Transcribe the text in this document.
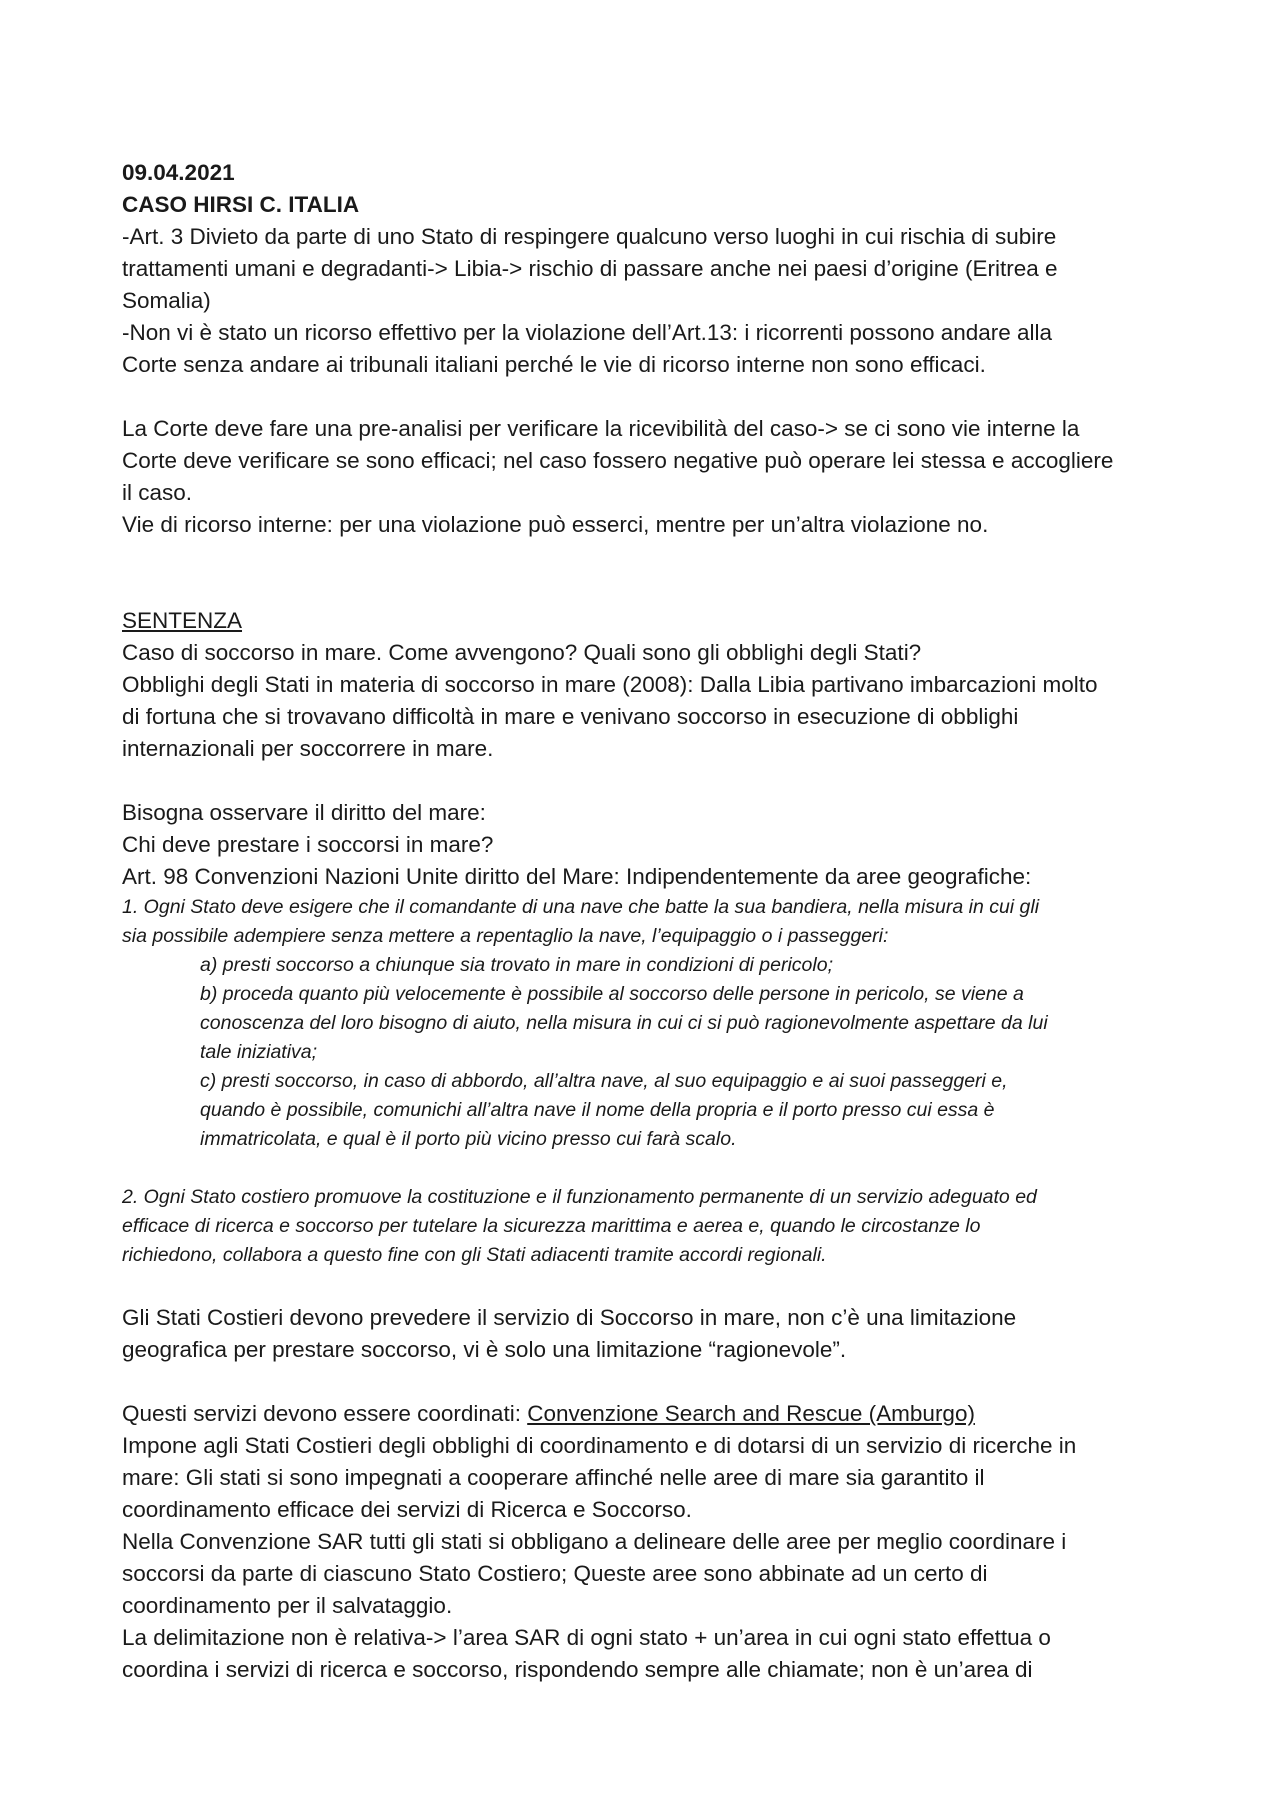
09.04.2021

CASO HIRSI C. ITALIA

-Art. 3 Divieto da parte di uno Stato di respingere qualcuno verso luoghi in cui rischia di subire

trattamenti umani e degradanti-> Libia-> rischio di passare anche nei paesi d’origine (Eritrea e

Somalia)

-Non vi è stato un ricorso effettivo per la violazione dell’Art.13: i ricorrenti possono andare alla

Corte senza andare ai tribunali italiani perché le vie di ricorso interne non sono efficaci.

La Corte deve fare una pre-analisi per verificare la ricevibilità del caso-> se ci sono vie interne la

Corte deve verificare se sono efficaci; nel caso fossero negative può operare lei stessa e accogliere

il caso.

Vie di ricorso interne: per una violazione può esserci, mentre per un’altra violazione no.

SENTENZA

Caso di soccorso in mare. Come avvengono? Quali sono gli obblighi degli Stati?

Obblighi degli Stati in materia di soccorso in mare (2008): Dalla Libia partivano imbarcazioni molto

di fortuna che si trovavano difficoltà in mare e venivano soccorso in esecuzione di obblighi

internazionali per soccorrere in mare.

Bisogna osservare il diritto del mare:

Chi deve prestare i soccorsi in mare?

Art. 98 Convenzioni Nazioni Unite diritto del Mare: Indipendentemente da aree geografiche:

1. Ogni Stato deve esigere che il comandante di una nave che batte la sua bandiera, nella misura in cui gli

sia possibile adempiere senza mettere a repentaglio la nave, l’equipaggio o i passeggeri:

a) presti soccorso a chiunque sia trovato in mare in condizioni di pericolo;

b) proceda quanto più velocemente è possibile al soccorso delle persone in pericolo, se viene a

conoscenza del loro bisogno di aiuto, nella misura in cui ci si può ragionevolmente aspettare da lui

tale iniziativa;

c) presti soccorso, in caso di abbordo, all’altra nave, al suo equipaggio e ai suoi passeggeri e,

quando è possibile, comunichi all’altra nave il nome della propria e il porto presso cui essa è

immatricolata, e qual è il porto più vicino presso cui farà scalo.

2. Ogni Stato costiero promuove la costituzione e il funzionamento permanente di un servizio adeguato ed

efficace di ricerca e soccorso per tutelare la sicurezza marittima e aerea e, quando le circostanze lo

richiedono, collabora a questo fine con gli Stati adiacenti tramite accordi regionali.

Gli Stati Costieri devono prevedere il servizio di Soccorso in mare, non c’è una limitazione

geografica per prestare soccorso, vi è solo una limitazione “ragionevole”.

Questi servizi devono essere coordinati: Convenzione Search and Rescue (Amburgo)

Impone agli Stati Costieri degli obblighi di coordinamento e di dotarsi di un servizio di ricerche in

mare: Gli stati si sono impegnati a cooperare affinché nelle aree di mare sia garantito il

coordinamento efficace dei servizi di Ricerca e Soccorso.

Nella Convenzione SAR tutti gli stati si obbligano a delineare delle aree per meglio coordinare i

soccorsi da parte di ciascuno Stato Costiero; Queste aree sono abbinate ad un certo di

coordinamento per il salvataggio.

La delimitazione non è relativa-> l’area SAR di ogni stato + un’area in cui ogni stato effettua o

coordina i servizi di ricerca e soccorso, rispondendo sempre alle chiamate; non è un’area di
